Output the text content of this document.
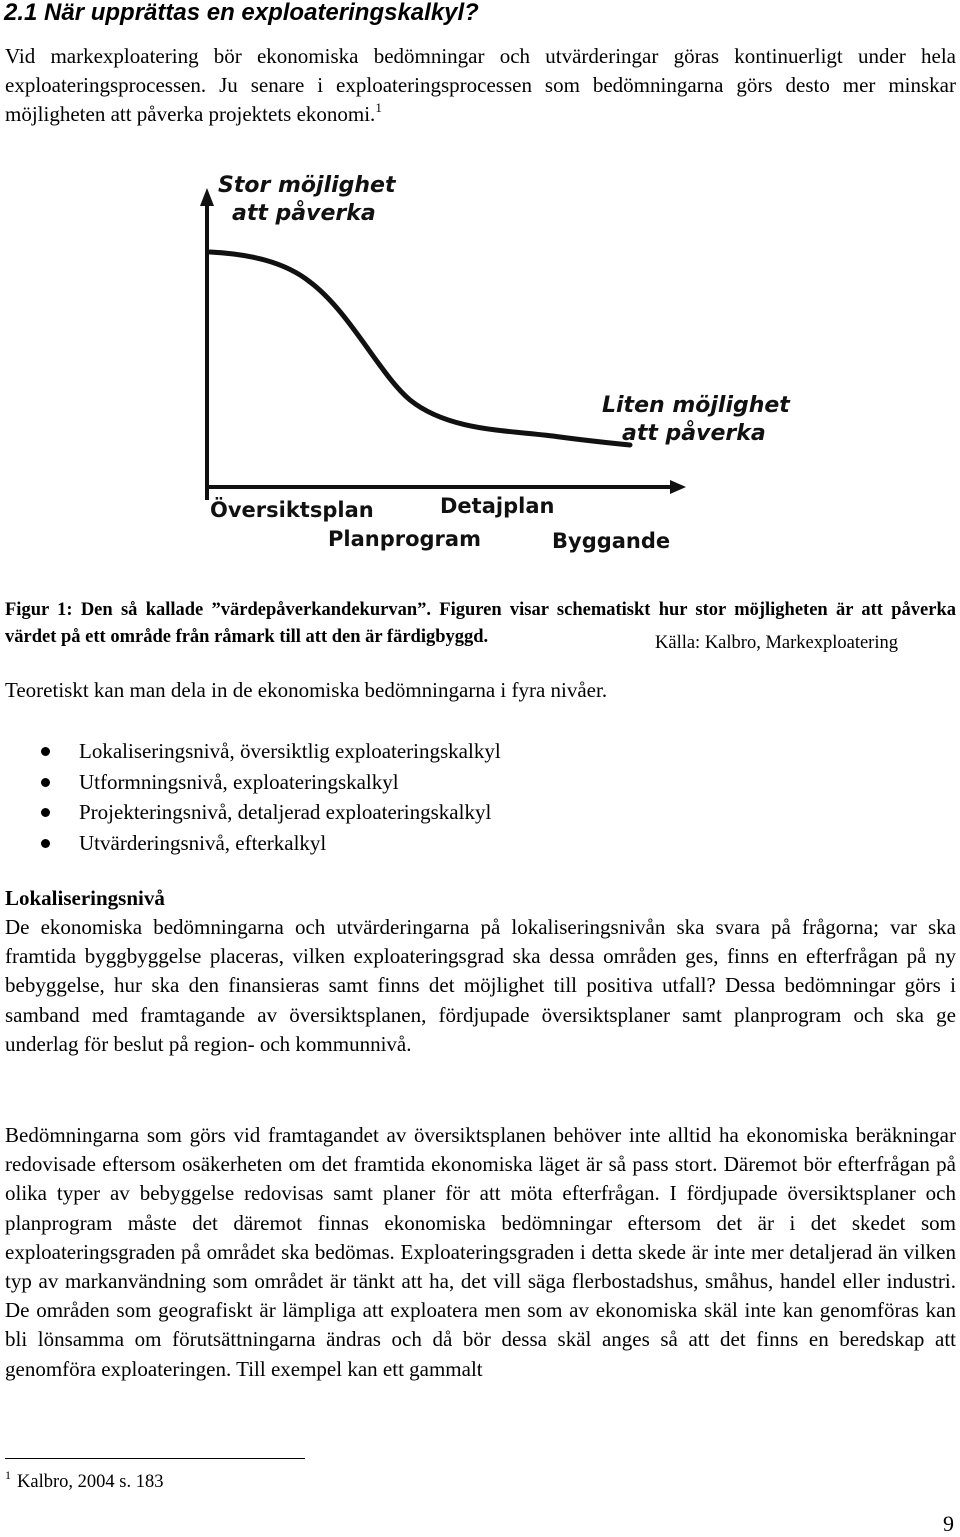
2.1 När upprättas en exploateringskalkyl?

Vid markexploatering bör ekonomiska bedömningar och utvärderingar göras kontinuerligt under hela exploateringsprocessen. Ju senare i exploateringsprocessen som bedömningarna görs desto mer minskar möjligheten att påverka projektets ekonomi.$^1$

Stor möjlighet
att påverka
Liten möjlighet
att påverka
Översiktsplan	Detajplan
Planprogram	Byggande

Figur 1: Den så kallade ”värdepåverkandekurvan”. Figuren visar schematiskt hur stor möjligheten är att påverka värdet på ett område från råmark till att den är färdigbyggd.	Källa: Kalbro, Markexploatering

Teoretiskt kan man dela in de ekonomiska bedömningarna i fyra nivåer.

Lokaliseringsnivå, översiktlig exploateringskalkyl
Utformningsnivå, exploateringskalkyl
Projekteringsnivå, detaljerad exploateringskalkyl
Utvärderingsnivå, efterkalkyl
Lokaliseringsnivå

De ekonomiska bedömningarna och utvärderingarna på lokaliseringsnivån ska svara på frågorna; var ska framtida byggbyggelse placeras, vilken exploateringsgrad ska dessa områden ges, finns en efterfrågan på ny bebyggelse, hur ska den finansieras samt finns det möjlighet till positiva utfall? Dessa bedömningar görs i samband med framtagande av översiktsplanen, fördjupade översiktsplaner samt planprogram och ska ge underlag för beslut på region- och kommunnivå.

Bedömningarna som görs vid framtagandet av översiktsplanen behöver inte alltid ha ekonomiska beräkningar redovisade eftersom osäkerheten om det framtida ekonomiska läget är så pass stort. Däremot bör efterfrågan på olika typer av bebyggelse redovisas samt planer för att möta efterfrågan. I fördjupade översiktsplaner och planprogram måste det däremot finnas ekonomiska bedömningar eftersom det är i det skedet som exploateringsgraden på området ska bedömas. Exploateringsgraden i detta skede är inte mer detaljerad än vilken typ av markanvändning som området är tänkt att ha, det vill säga flerbostadshus, småhus, handel eller industri. De områden som geografiskt är lämpliga att exploatera men som av ekonomiska skäl inte kan genomföras kan bli lönsamma om förutsättningarna ändras och då bör dessa skäl anges så att det finns en beredskap att genomföra exploateringen. Till exempel kan ett gammalt

$^1$ Kalbro, 2004 s. 183

9
